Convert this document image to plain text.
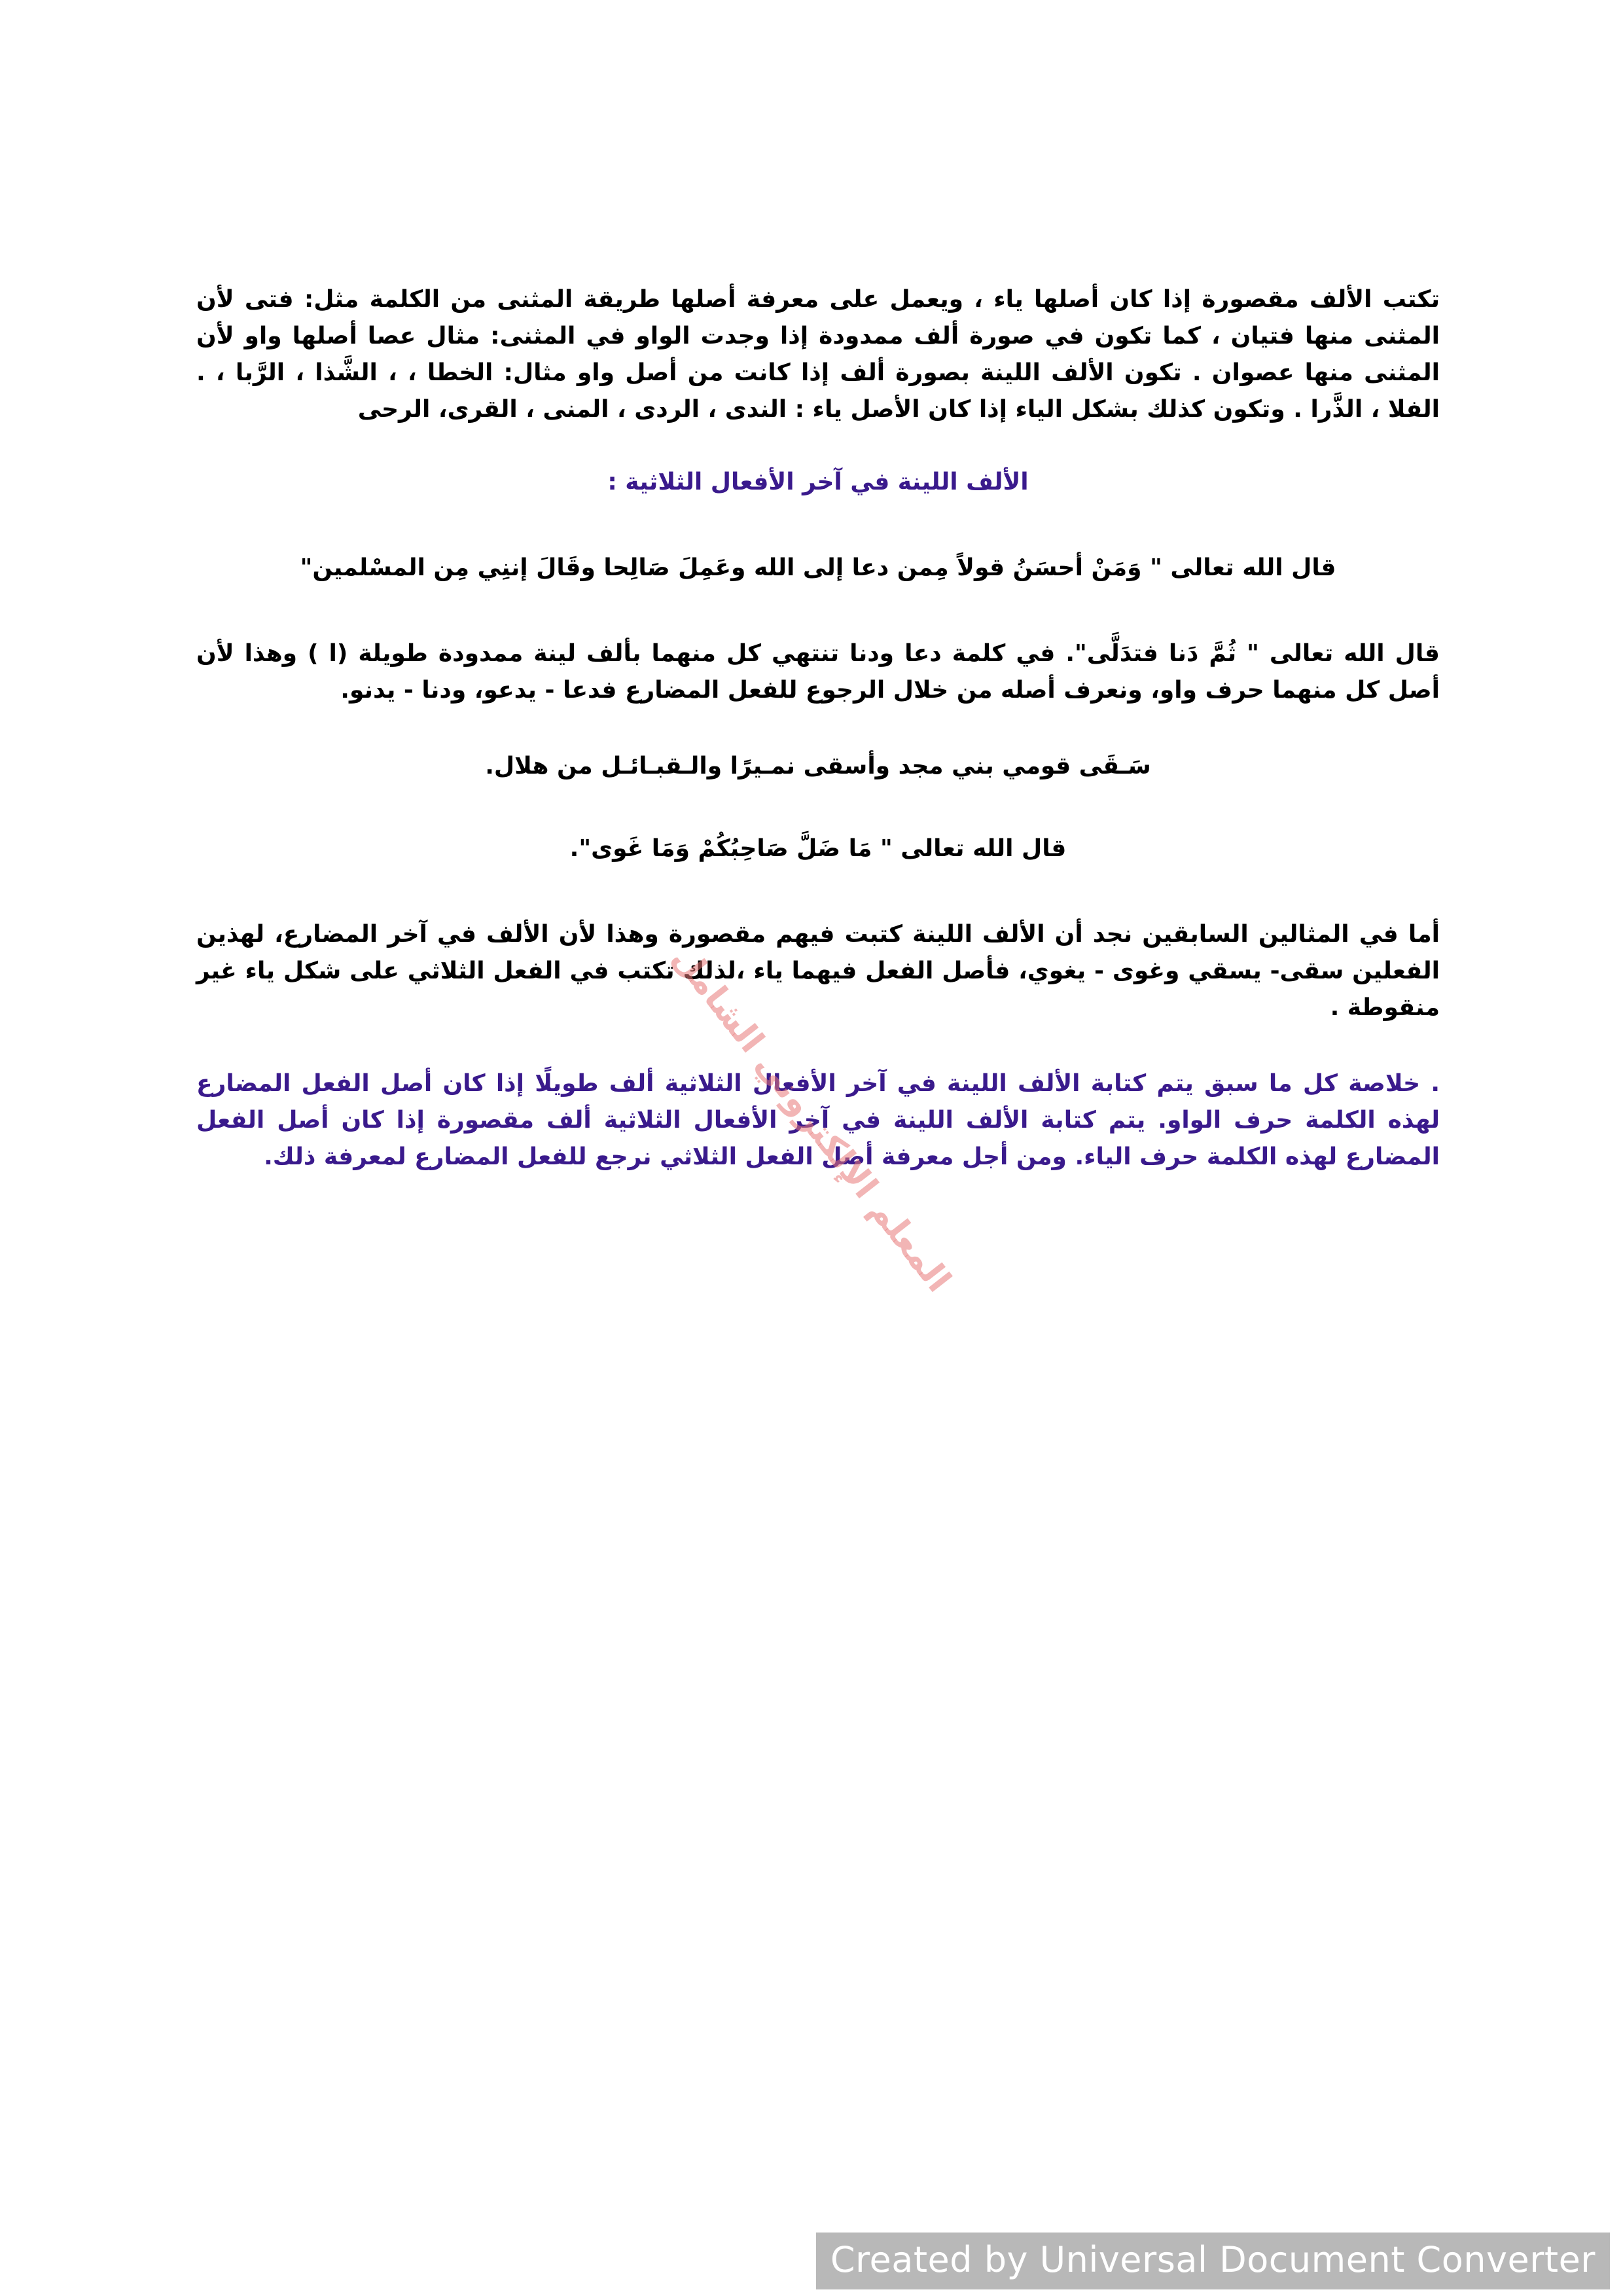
تكتب الألف مقصورة إذا كان أصلها ياء ، ويعمل على معرفة أصلها طريقة المثنى من الكلمة مثل: فتى لأن المثنى منها فتيان ، كما تكون في صورة ألف ممدودة إذا وجدت الواو في المثنى: مثال عصا أصلها واو لأن المثنى منها عصوان . تكون الألف اللينة بصورة ألف إذا كانت من أصل واو مثال: الخطا ، ، الشَّذا ، الرَّبا ، . الفلا ، الذَّرا . وتكون كذلك بشكل الياء إذا كان الأصل ياء : الندى ، الردى ، المنى ، القرى، الرحى

الألف اللينة في آخر الأفعال الثلاثية :

قال الله تعالى " وَمَنْ أحسَنُ قولاً مِمن دعا إلى الله وعَمِلَ صَالِحا وقَالَ إننِي مِن المسْلمين"

قال الله تعالى " ثُمَّ دَنا فتدَلَّى". في كلمة دعا ودنا تنتهي كل منهما بألف لينة ممدودة طويلة (ا ) وهذا لأن أصل كل منهما حرف واو، ونعرف أصله من خلال الرجوع للفعل المضارع فدعا - يدعو، ودنا - يدنو.

سَـقَى قومي بني مجد وأسقى نمـيرًا والـقبـائـل من هلال.

قال الله تعالى " مَا ضَلَّ صَاحِبُكُمْ وَمَا غَوى".

أما في المثالين السابقين نجد أن الألف اللينة كتبت فيهم مقصورة وهذا لأن الألف في آخر المضارع، لهذين الفعلين سقى- يسقي وغوى - يغوي، فأصل الفعل فيهما ياء ،لذلك تكتب في الفعل الثلاثي على شكل ياء غير منقوطة .

. خلاصة كل ما سبق يتم كتابة الألف اللينة في آخر الأفعال الثلاثية ألف طويلًا إذا كان أصل الفعل المضارع لهذه الكلمة حرف الواو. يتم كتابة الألف اللينة في آخر الأفعال الثلاثية ألف مقصورة إذا كان أصل الفعل المضارع لهذه الكلمة حرف الياء. ومن أجل معرفة أصل الفعل الثلاثي نرجع للفعل المضارع لمعرفة ذلك.

المعلم الإلكتروني الشامل
Created by Universal Document Converter
